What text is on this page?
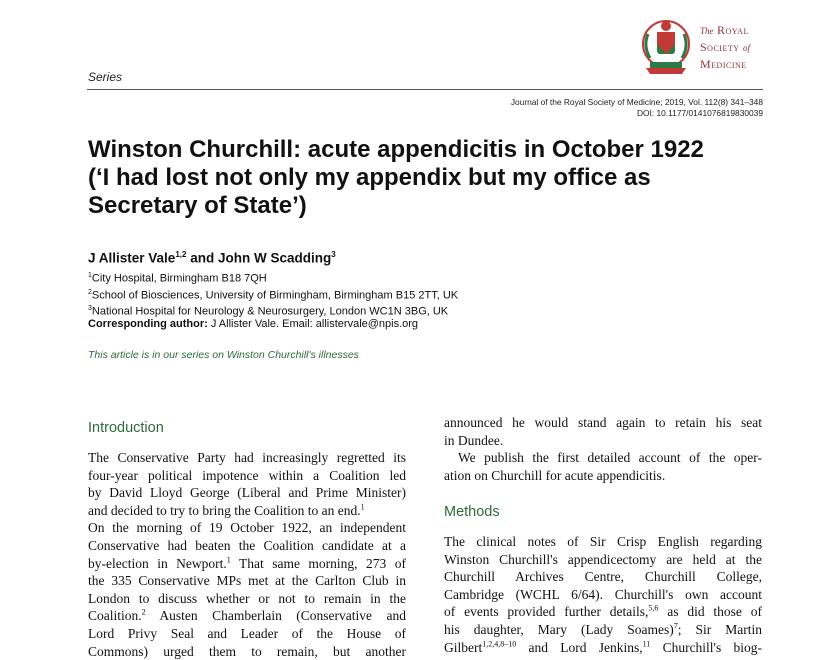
Series
The Royal
Society of
Medicine
Journal of the Royal Society of Medicine; 2019, Vol. 112(8) 341–348
DOI: 10.1177/0141076819830039
Winston Churchill: acute appendicitis in October 1922
(‘I had lost not only my appendix but my office as
Secretary of State’)
J Allister Vale$^{1,2}$ and John W Scadding$^3$
$^1$City Hospital, Birmingham B18 7QH
$^2$School of Biosciences, University of Birmingham, Birmingham B15 2TT, UK
$^3$National Hospital for Neurology & Neurosurgery, London WC1N 3BG, UK
Corresponding author: J Allister Vale. Email: allistervale@npis.org
This article is in our series on Winston Churchill's illnesses
Introduction
The Conservative Party had increasingly regretted its
four-year political impotence within a Coalition led
by David Lloyd George (Liberal and Prime Minister)
and decided to try to bring the Coalition to an end.$^1$
On the morning of 19 October 1922, an independent
Conservative had beaten the Coalition candidate at a
by-election in Newport.$^1$ That same morning, 273 of
the 335 Conservative MPs met at the Carlton Club in
London to discuss whether or not to remain in the
Coalition.$^2$ Austen Chamberlain (Conservative and
Lord Privy Seal and Leader of the House of
Commons) urged them to remain, but another
announced he would stand again to retain his seat
in Dundee.
We publish the first detailed account of the oper-
ation on Churchill for acute appendicitis.
Methods
The clinical notes of Sir Crisp English regarding
Winston Churchill's appendicectomy are held at the
Churchill Archives Centre, Churchill College,
Cambridge (WCHL 6/64). Churchill's own account
of events provided further details,$^{5,6}$ as did those of
his daughter, Mary (Lady Soames)$^7$; Sir Martin
Gilbert$^{1,2,4,8-10}$ and Lord Jenkins,$^{11}$ Churchill's biog-
